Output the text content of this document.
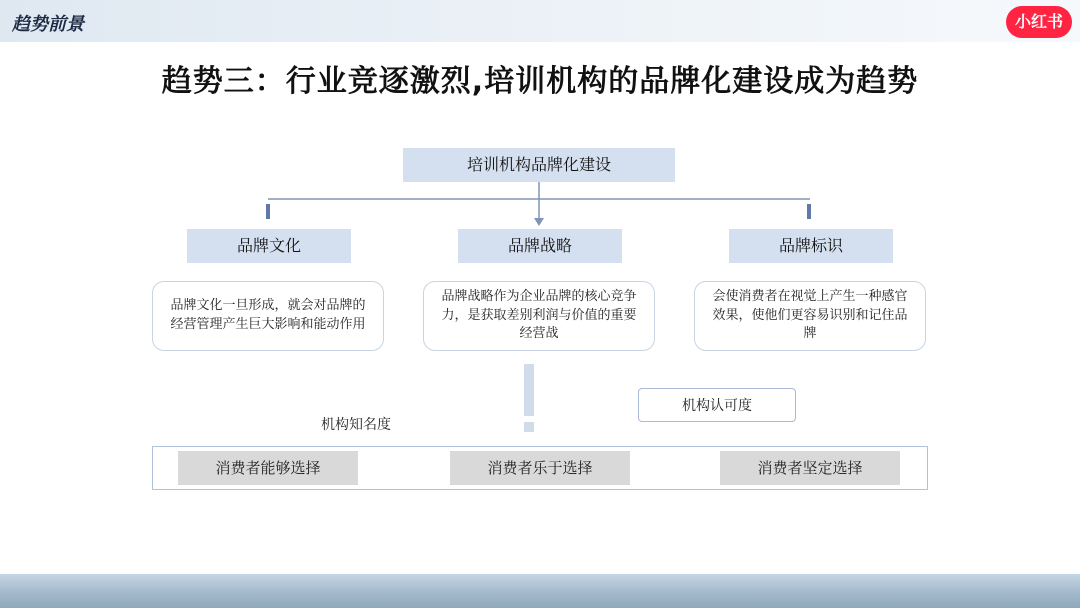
趋势前景	小红书
趋势三：行业竞逐激烈,培训机构的品牌化建设成为趋势
培训机构品牌化建设
品牌文化	品牌战略	品牌标识
品牌文化一旦形成，就会对品牌的经营管理产生巨大影响和能动作用
品牌战略作为企业品牌的核心竞争力，是获取差别利润与价值的重要经营战
会使消费者在视觉上产生一种感官效果，使他们更容易识别和记住品牌
机构知名度
机构认可度
消费者能够选择	消费者乐于选择	消费者坚定选择
